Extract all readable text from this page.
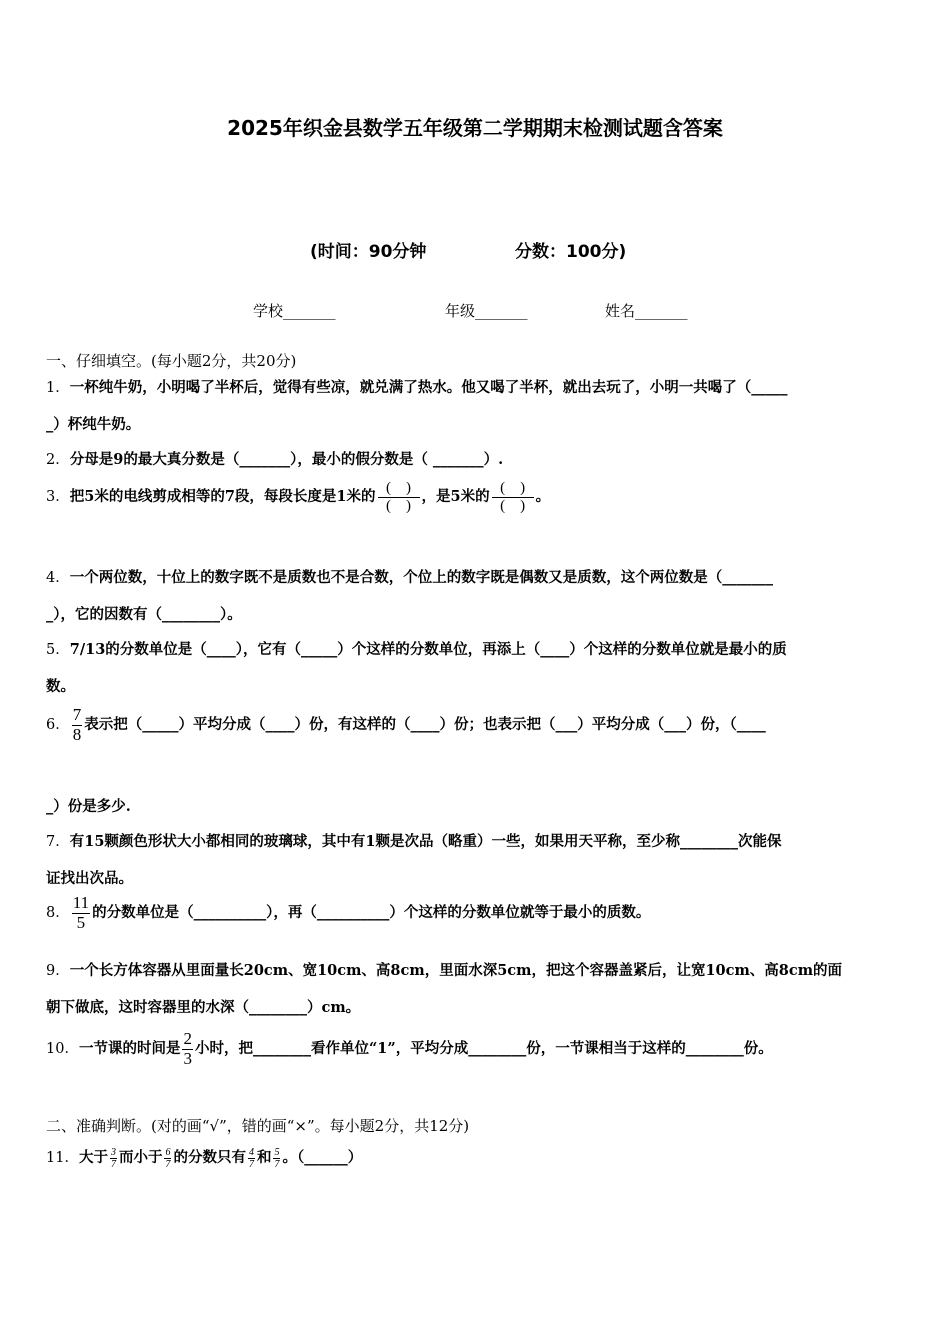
2025年织金县数学五年级第二学期期末检测试题含答案
(时间：90分钟	分数：100分)
学校_______	年级_______	姓名_______
一、仔细填空。(每小题2分，共20分)
1．一杯纯牛奶，小明喝了半杯后，觉得有些凉，就兑满了热水。他又喝了半杯，就出去玩了，小明一共喝了（_____
_）杯纯牛奶。
2．分母是9的最大真分数是（_______），最小的假分数是（ _______）.
3．把5米的电线剪成相等的7段，每段长度是1米的 (　)
(　)
，是5米的 (　)
(　)
。
4．一个两位数，十位上的数字既不是质数也不是合数，个位上的数字既是偶数又是质数，这个两位数是（_______
_），它的因数有（________）。
5．7/13的分数单位是（____），它有（_____）个这样的分数单位，再添上（____）个这样的分数单位就是最小的质
数。
6． $\frac{7}{8}$ 表示把（_____）平均分成（____）份，有这样的（____）份；也表示把（___）平均分成（___）份，（____
_）份是多少.
7．有15颗颜色形状大小都相同的玻璃球，其中有1颗是次品（略重）一些，如果用天平称，至少称________次能保
证找出次品。
8． $\frac{11}{5}$ 的分数单位是（__________），再（__________）个这样的分数单位就等于最小的质数。
9．一个长方体容器从里面量长20cm、宽10cm、高8cm，里面水深5cm，把这个容器盖紧后，让宽10cm、高8cm的面
朝下做底，这时容器里的水深（________）cm。
10．一节课的时间是 $\frac{2}{3}$ 小时，把________看作单位“1”，平均分成________份，一节课相当于这样的________份。
二、准确判断。(对的画“√”，错的画“×”。每小题2分，共12分)
11．大于 $\frac{3}{7}$ 而小于 $\frac{6}{7}$ 的分数只有 $\frac{4}{7}$ 和 $\frac{5}{7}$ 。（______）
